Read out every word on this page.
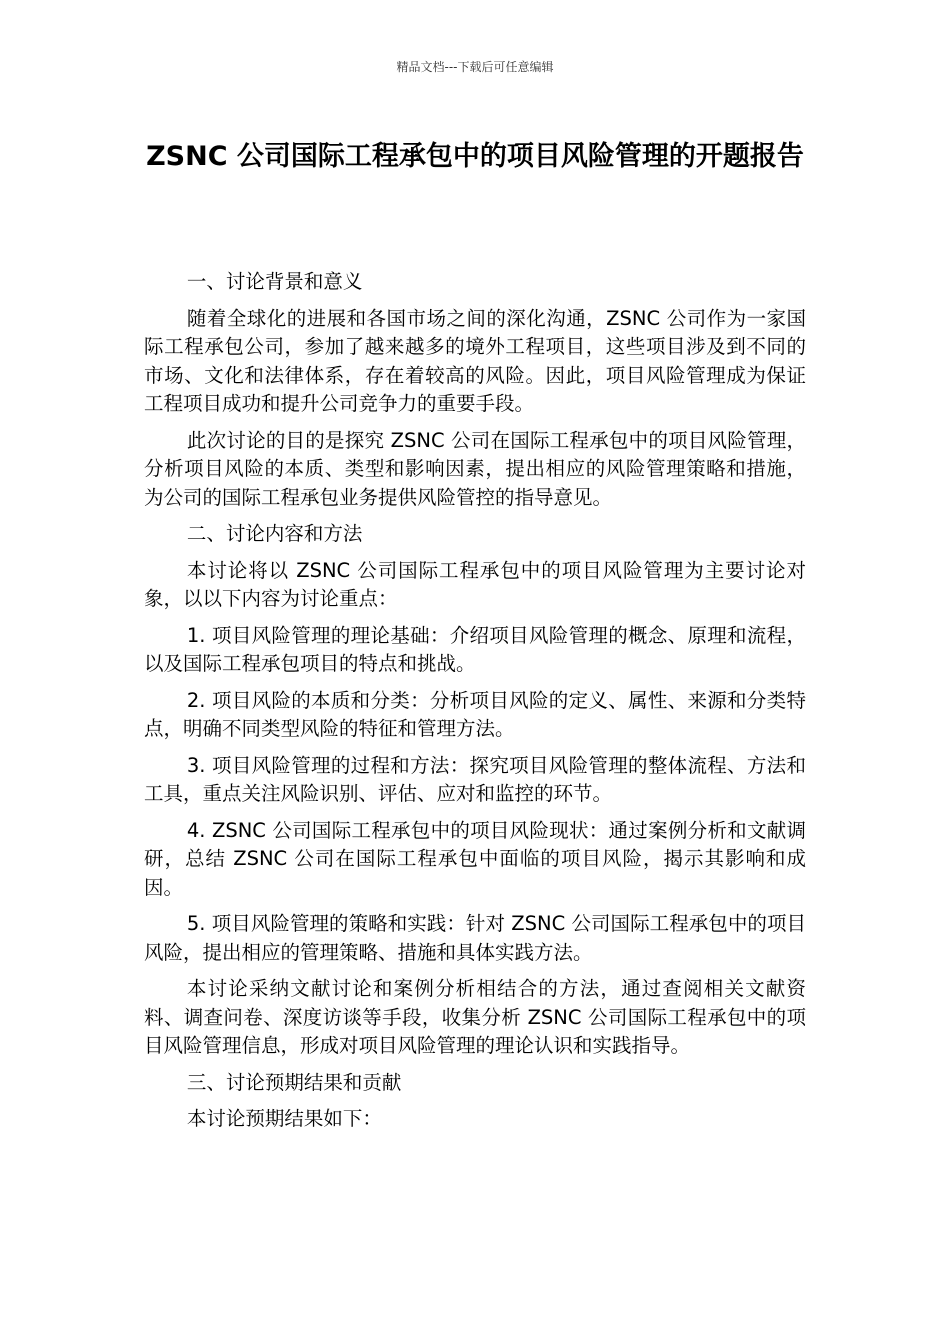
精品文档---下载后可任意编辑
ZSNC 公司国际工程承包中的项目风险管理的开题报告

一、讨论背景和意义

随着全球化的进展和各国市场之间的深化沟通，ZSNC 公司作为一家国际工程承包公司，参加了越来越多的境外工程项目，这些项目涉及到不同的市场、文化和法律体系，存在着较高的风险。因此，项目风险管理成为保证工程项目成功和提升公司竞争力的重要手段。

此次讨论的目的是探究 ZSNC 公司在国际工程承包中的项目风险管理，分析项目风险的本质、类型和影响因素，提出相应的风险管理策略和措施，为公司的国际工程承包业务提供风险管控的指导意见。

二、讨论内容和方法

本讨论将以 ZSNC 公司国际工程承包中的项目风险管理为主要讨论对象，以以下内容为讨论重点：

1. 项目风险管理的理论基础：介绍项目风险管理的概念、原理和流程，以及国际工程承包项目的特点和挑战。

2. 项目风险的本质和分类：分析项目风险的定义、属性、来源和分类特点，明确不同类型风险的特征和管理方法。

3. 项目风险管理的过程和方法：探究项目风险管理的整体流程、方法和工具，重点关注风险识别、评估、应对和监控的环节。

4. ZSNC 公司国际工程承包中的项目风险现状：通过案例分析和文献调研，总结 ZSNC 公司在国际工程承包中面临的项目风险，揭示其影响和成因。

5. 项目风险管理的策略和实践：针对 ZSNC 公司国际工程承包中的项目风险，提出相应的管理策略、措施和具体实践方法。

本讨论采纳文献讨论和案例分析相结合的方法，通过查阅相关文献资料、调查问卷、深度访谈等手段，收集分析 ZSNC 公司国际工程承包中的项目风险管理信息，形成对项目风险管理的理论认识和实践指导。

三、讨论预期结果和贡献

本讨论预期结果如下：
